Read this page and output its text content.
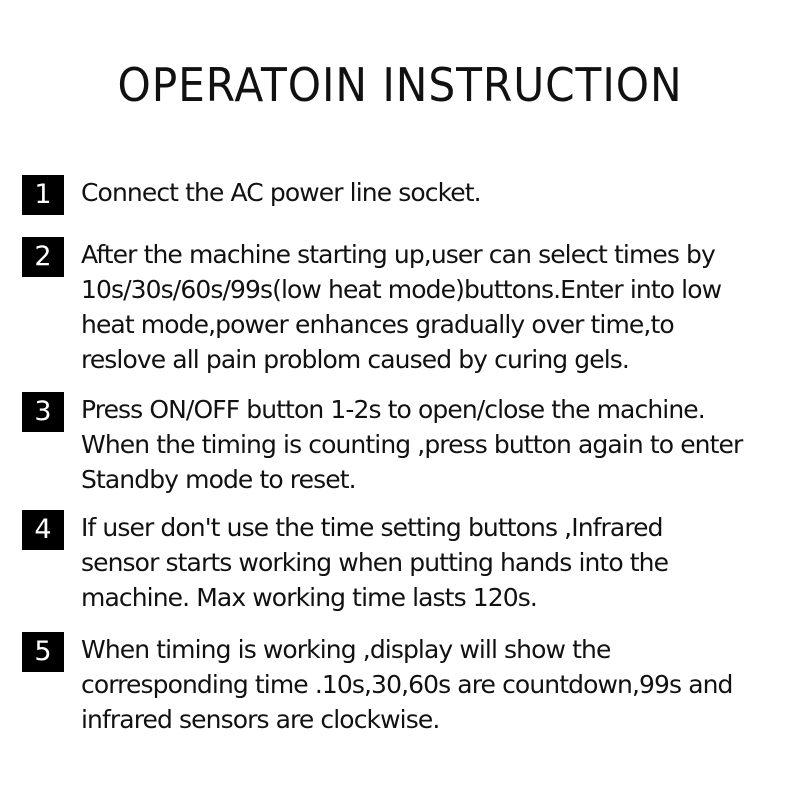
OPERATOIN INSTRUCTION
1	Connect the AC power line socket.
2	After the machine starting up,user can select times by
10s/30s/60s/99s(low heat mode)buttons.Enter into low
heat mode,power enhances gradually over time,to
reslove all pain problom caused by curing gels.
3	Press ON/OFF button 1-2s to open/close the machine.
When the timing is counting ,press button again to enter
Standby mode to reset.
4	If user don't use the time setting buttons ,Infrared
sensor starts working when putting hands into the
machine. Max working time lasts 120s.
5	When timing is working ,display will show the
corresponding time .10s,30,60s are countdown,99s and
infrared sensors are clockwise.
